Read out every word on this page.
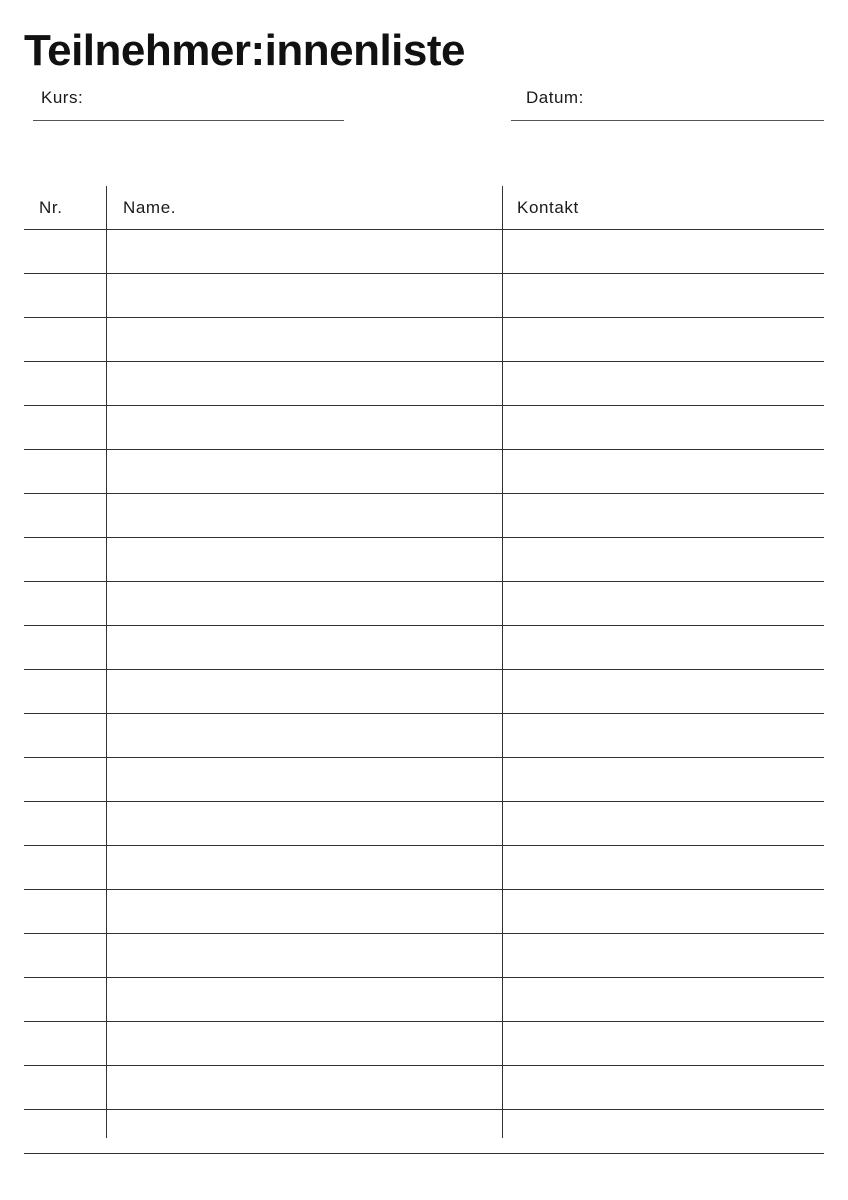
Teilnehmer:innenliste
Kurs:	Datum:
Nr.	Name.	Kontakt
